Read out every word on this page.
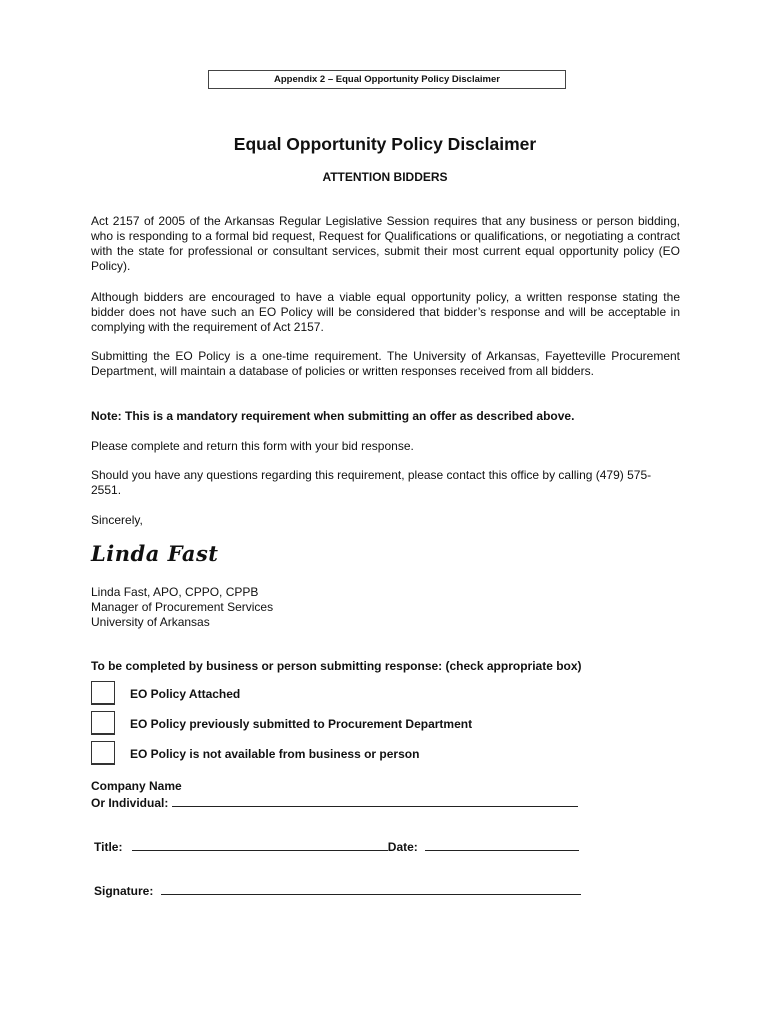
Appendix 2 – Equal Opportunity Policy Disclaimer
Equal Opportunity Policy Disclaimer
ATTENTION BIDDERS

Act 2157 of 2005 of the Arkansas Regular Legislative Session requires that any business or person bidding, who is responding to a formal bid request, Request for Qualifications or qualifications, or negotiating a contract with the state for professional or consultant services, submit their most current equal opportunity policy (EO Policy).

Although bidders are encouraged to have a viable equal opportunity policy, a written response stating the bidder does not have such an EO Policy will be considered that bidder’s response and will be acceptable in complying with the requirement of Act 2157.

Submitting the EO Policy is a one-time requirement. The University of Arkansas, Fayetteville Procurement Department, will maintain a database of policies or written responses received from all bidders.

Note: This is a mandatory requirement when submitting an offer as described above.

Please complete and return this form with your bid response.

Should you have any questions regarding this requirement, please contact this office by calling (479) 575-2551.

Sincerely,

Linda Fast
Linda Fast, APO, CPPO, CPPB
Manager of Procurement Services
University of Arkansas
To be completed by business or person submitting response: (check appropriate box)
EO Policy Attached
EO Policy previously submitted to Procurement Department
EO Policy is not available from business or person
Company Name
Or Individual:
Title:	Date:
Signature:
